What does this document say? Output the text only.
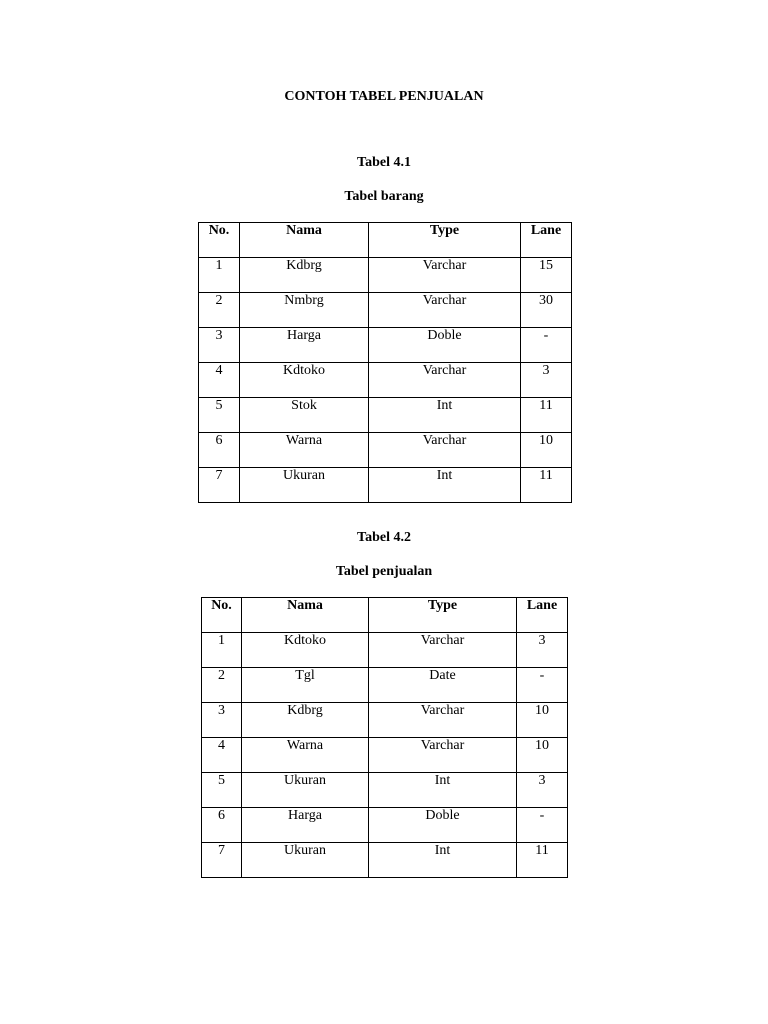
CONTOH TABEL PENJUALAN
Tabel 4.1
Tabel barang
No.	Nama	Type	Lane
1	Kdbrg	Varchar	15
2	Nmbrg	Varchar	30
3	Harga	Doble	-
4	Kdtoko	Varchar	3
5	Stok	Int	11
6	Warna	Varchar	10
7	Ukuran	Int	11
Tabel 4.2
Tabel penjualan
No.	Nama	Type	Lane
1	Kdtoko	Varchar	3
2	Tgl	Date	-
3	Kdbrg	Varchar	10
4	Warna	Varchar	10
5	Ukuran	Int	3
6	Harga	Doble	-
7	Ukuran	Int	11
